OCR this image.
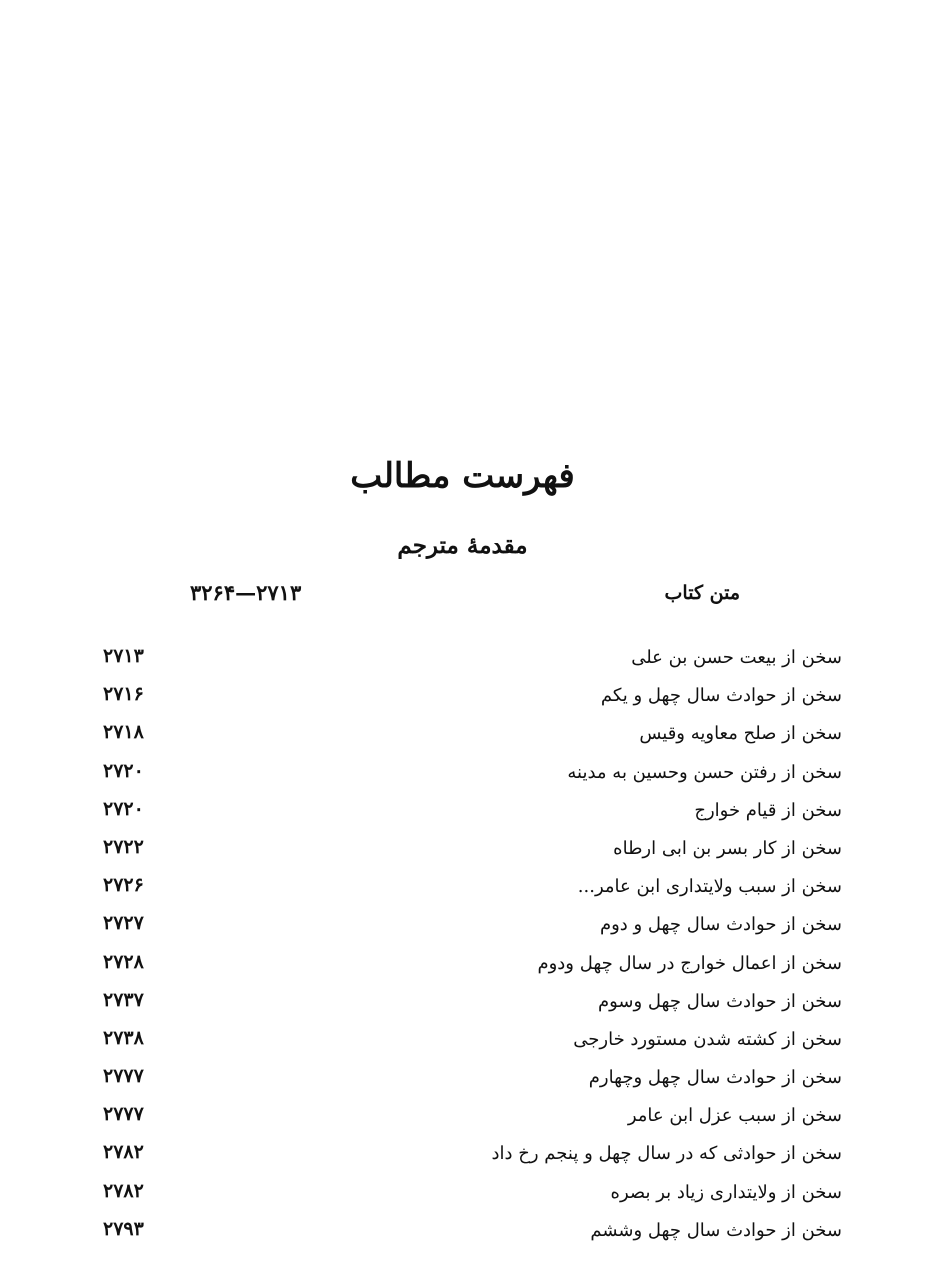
فهرست مطالب
مقدمهٔ مترجم
متن کتاب
۲۷۱۳—۳۲۶۴
سخن از بیعت حسن بن علی
۲۷۱۳
سخن از حوادث سال چهل و یکم
۲۷۱۶
سخن از صلح معاویه وقیس
۲۷۱۸
سخن از رفتن حسن وحسین به مدینه
۲۷۲۰
سخن از قیام خوارج
۲۷۲۰
سخن از کار بسر بن ابی ارطاه
۲۷۲۲
سخن از سبب ولایتداری ابن عامر...
۲۷۲۶
سخن از حوادث سال چهل و دوم
۲۷۲۷
سخن از اعمال خوارج در سال چهل ودوم
۲۷۲۸
سخن از حوادث سال چهل وسوم
۲۷۳۷
سخن از کشته شدن مستورد خارجی
۲۷۳۸
سخن از حوادث سال چهل وچهارم
۲۷۷۷
سخن از سبب عزل ابن عامر
۲۷۷۷
سخن از حوادثی که در سال چهل و پنجم رخ داد
۲۷۸۲
سخن از ولایتداری زیاد بر بصره
۲۷۸۲
سخن از حوادث سال چهل وششم
۲۷۹۳
